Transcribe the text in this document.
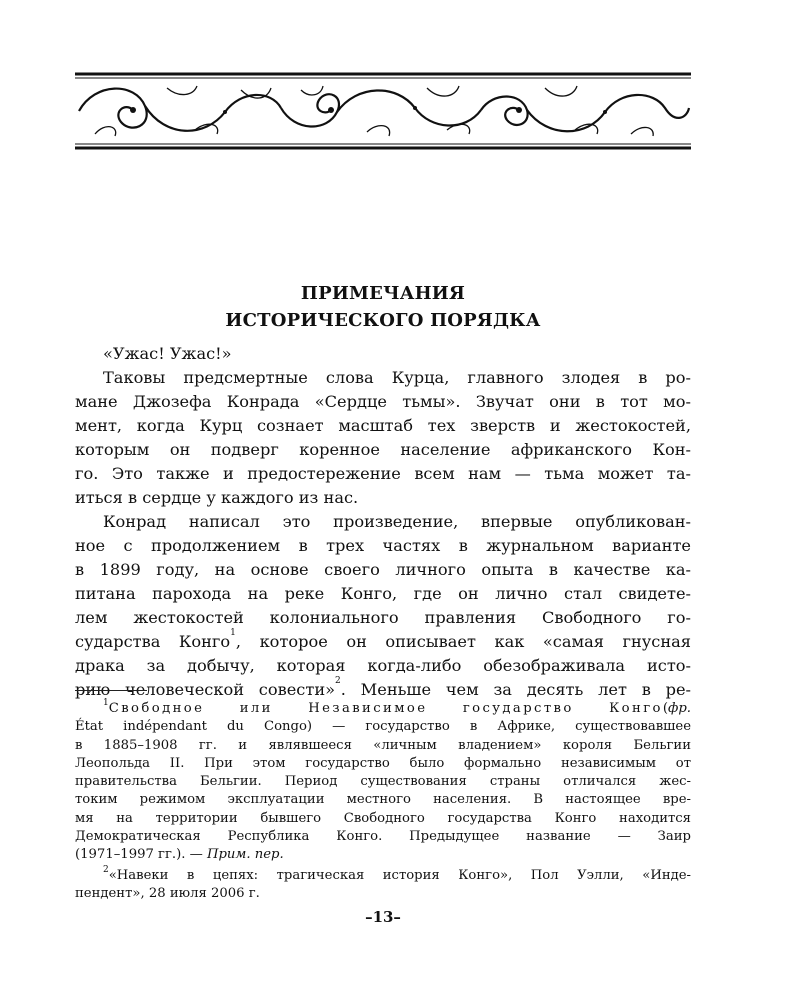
ПРИМЕЧАНИЯ
ИСТОРИЧЕСКОГО ПОРЯДКА
«Ужас! Ужас!»
Таковы предсмертные слова Курца, главного злодея в ро-
мане Джозефа Конрада «Сердце тьмы». Звучат они в тот мо-
мент, когда Курц сознает масштаб тех зверств и жестокостей,
которым он подверг коренное население африканского Кон-
го. Это также и предостережение всем нам — тьма может та-
иться в сердце у каждого из нас.
Конрад написал это произведение, впервые опубликован-
ное с продолжением в трех частях в журнальном варианте
в 1899 году, на основе своего личного опыта в качестве ка-
питана парохода на реке Конго, где он лично стал свидете-
лем жестокостей колониального правления Свободного го-
сударства Конго$^1$, которое он описывает как «самая гнусная
драка за добычу, которая когда-либо обезображивала исто-
рию человеческой совести»$^2$. Меньше чем за десять лет в ре-
$^1$Свободное или Независимое государство Конго(фр.
État indépendant du Congo) — государство в Африке, существовавшее
в 1885–1908 гг. и являвшееся «личным владением» короля Бельгии
Леопольда II. При этом государство было формально независимым от
правительства Бельгии. Период существования страны отличался жес-
токим режимом эксплуатации местного населения. В настоящее вре-
мя на территории бывшего Свободного государства Конго находится
Демократическая Республика Конго. Предыдущее название — Заир
(1971–1997 гг.). — Прим. пер.
$^2$«Навеки в цепях: трагическая история Конго», Пол Уэлли, «Инде-
пендент», 28 июля 2006 г.
–13–
